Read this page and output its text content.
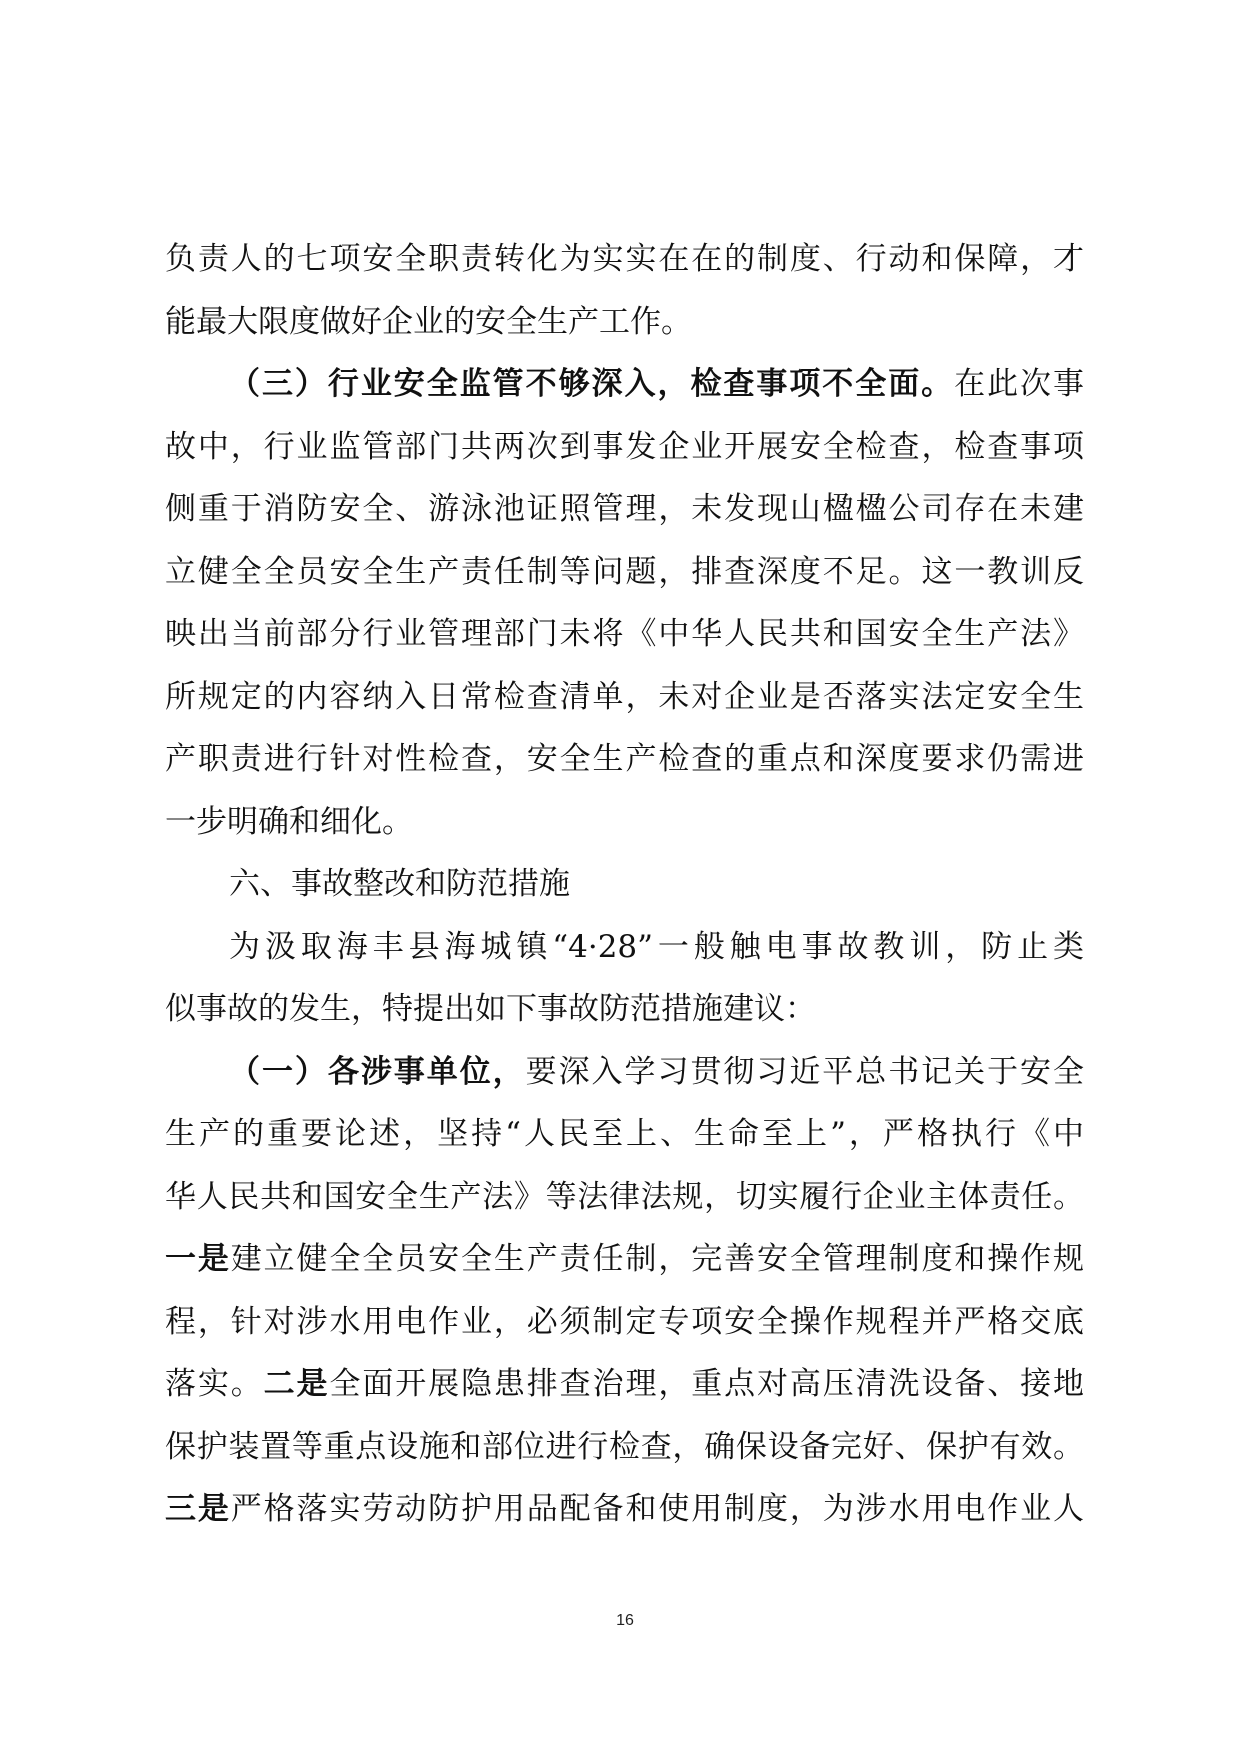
负责人的七项安全职责转化为实实在在的制度、行动和保障，才
能最大限度做好企业的安全生产工作。
（三）行业安全监管不够深入，检查事项不全面。在此次事
故中，行业监管部门共两次到事发企业开展安全检查，检查事项
侧重于消防安全、游泳池证照管理，未发现山楹楹公司存在未建
立健全全员安全生产责任制等问题，排查深度不足。这一教训反
映出当前部分行业管理部门未将《中华人民共和国安全生产法》
所规定的内容纳入日常检查清单，未对企业是否落实法定安全生
产职责进行针对性检查，安全生产检查的重点和深度要求仍需进
一步明确和细化。
六、事故整改和防范措施
为汲取海丰县海城镇“4·28”一般触电事故教训，防止类
似事故的发生，特提出如下事故防范措施建议：
（一）各涉事单位，要深入学习贯彻习近平总书记关于安全
生产的重要论述，坚持“人民至上、生命至上”，严格执行《中
华人民共和国安全生产法》等法律法规，切实履行企业主体责任。
一是建立健全全员安全生产责任制，完善安全管理制度和操作规
程，针对涉水用电作业，必须制定专项安全操作规程并严格交底
落实。二是全面开展隐患排查治理，重点对高压清洗设备、接地
保护装置等重点设施和部位进行检查，确保设备完好、保护有效。
三是严格落实劳动防护用品配备和使用制度，为涉水用电作业人
16
